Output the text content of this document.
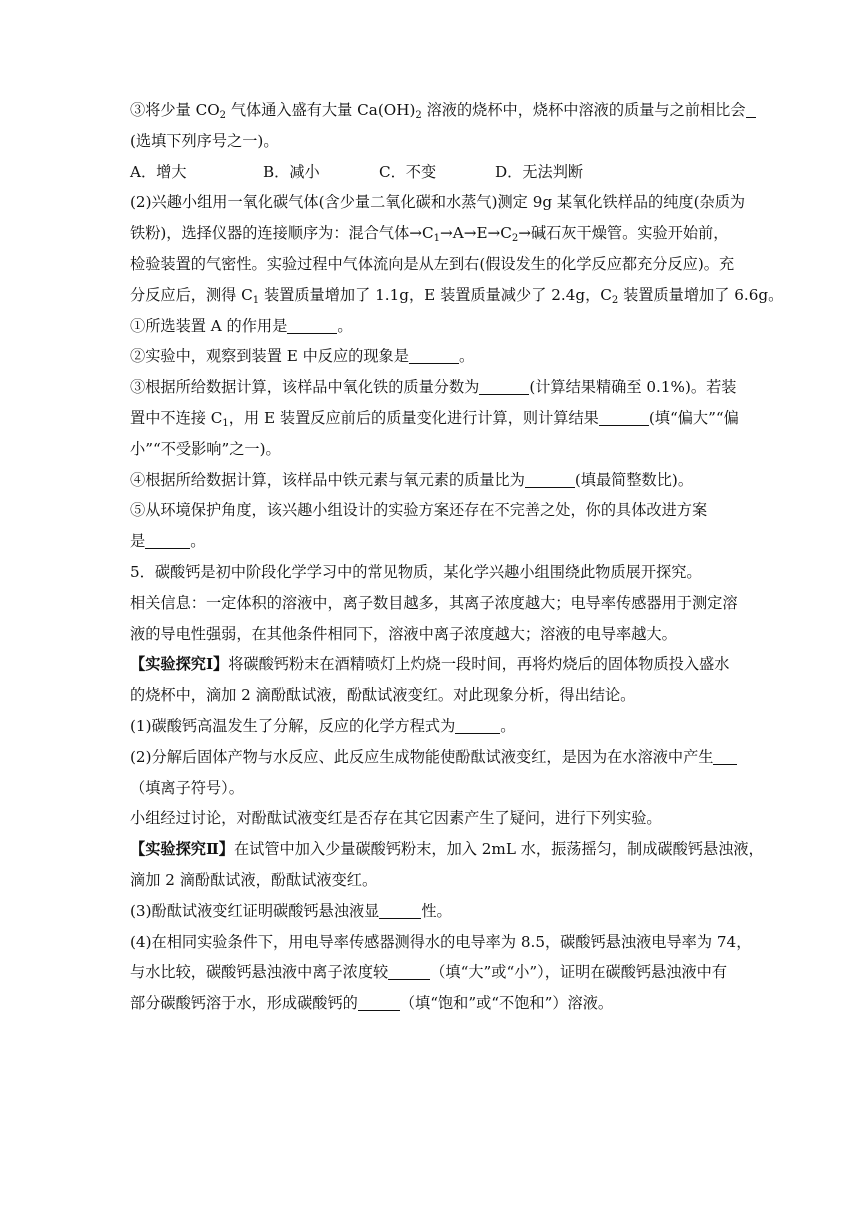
③将少量 $CO_2$ 气体通入盛有大量 $Ca(OH)_2$ 溶液的烧杯中，烧杯中溶液的质量与之前相比会
(选填下列序号之一)。
A．增大	B．减小	C．不变	D．无法判断
(2)兴趣小组用一氧化碳气体(含少量二氧化碳和水蒸气)测定 9g 某氧化铁样品的纯度(杂质为
铁粉)，选择仪器的连接顺序为：混合气体$\to C_1\to A\to E\to C_2\to$碱石灰干燥管。实验开始前，
检验装置的气密性。实验过程中气体流向是从左到右(假设发生的化学反应都充分反应)。充
分反应后，测得 $C_1$ 装置质量增加了 1.1g，E 装置质量减少了 2.4g，$C_2$ 装置质量增加了 6.6g。
①所选装置 A 的作用是	。
②实验中，观察到装置 E 中反应的现象是	。
③根据所给数据计算，该样品中氧化铁的质量分数为	(计算结果精确至 0.1%)。若装
置中不连接 $C_1$，用 E 装置反应前后的质量变化进行计算，则计算结果	(填“偏大”“偏
小”“不受影响”之一)。
④根据所给数据计算，该样品中铁元素与氧元素的质量比为	(填最简整数比)。
⑤从环境保护角度，该兴趣小组设计的实验方案还存在不完善之处，你的具体改进方案
是	。
5．碳酸钙是初中阶段化学学习中的常见物质，某化学兴趣小组围绕此物质展开探究。
相关信息：一定体积的溶液中，离子数目越多，其离子浓度越大；电导率传感器用于测定溶
液的导电性强弱，在其他条件相同下，溶液中离子浓度越大；溶液的电导率越大。
【实验探究Ⅰ】将碳酸钙粉末在酒精喷灯上灼烧一段时间，再将灼烧后的固体物质投入盛水
的烧杯中，滴加 2 滴酚酞试液，酚酞试液变红。对此现象分析，得出结论。
(1)碳酸钙高温发生了分解，反应的化学方程式为	。
(2)分解后固体产物与水反应、此反应生成物能使酚酞试液变红，是因为在水溶液中产生
（填离子符号）。
小组经过讨论，对酚酞试液变红是否存在其它因素产生了疑问，进行下列实验。
【实验探究Ⅱ】在试管中加入少量碳酸钙粉末，加入 2mL 水，振荡摇匀，制成碳酸钙悬浊液，
滴加 2 滴酚酞试液，酚酞试液变红。
(3)酚酞试液变红证明碳酸钙悬浊液显	性。
(4)在相同实验条件下，用电导率传感器测得水的电导率为 8.5，碳酸钙悬浊液电导率为 74，
与水比较，碳酸钙悬浊液中离子浓度较	（填“大”或“小”），证明在碳酸钙悬浊液中有
部分碳酸钙溶于水，形成碳酸钙的	（填“饱和”或“不饱和”）溶液。
